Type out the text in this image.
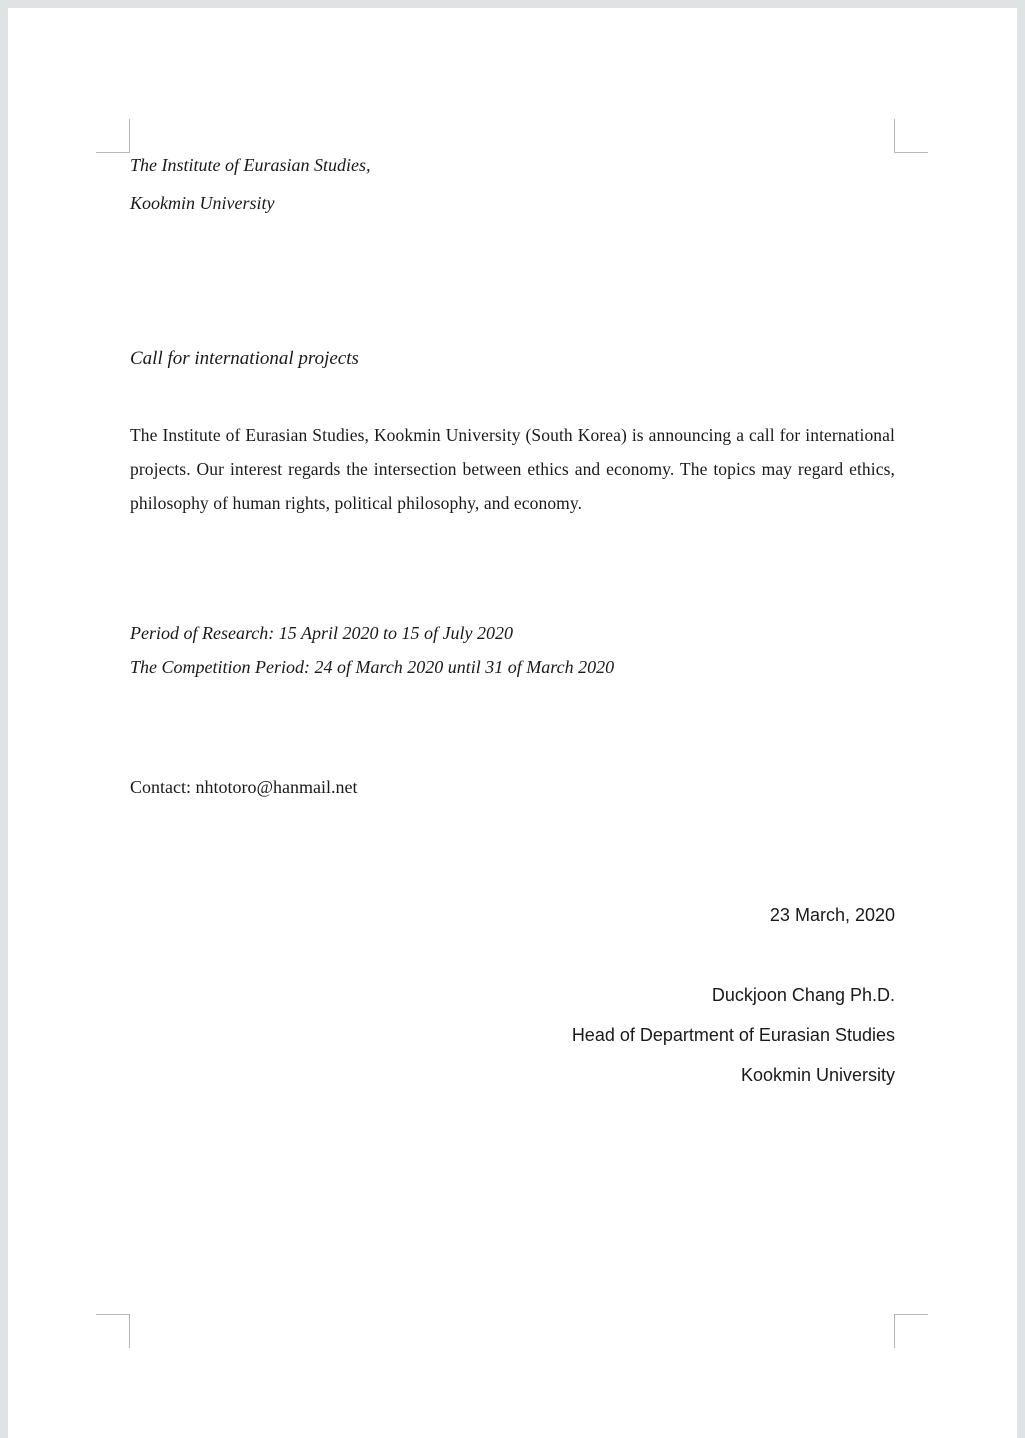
The Institute of Eurasian Studies,
Kookmin University
Call for international projects
The Institute of Eurasian Studies, Kookmin University (South Korea) is announcing a call for international projects. Our interest regards the intersection between ethics and economy. The topics may regard ethics, philosophy of human rights, political philosophy, and economy.
Period of Research: 15 April 2020 to 15 of July 2020
The Competition Period: 24 of March 2020 until 31 of March 2020
Contact: nhtotoro@hanmail.net
23 March, 2020
Duckjoon Chang Ph.D.
Head of Department of Eurasian Studies
Kookmin University
